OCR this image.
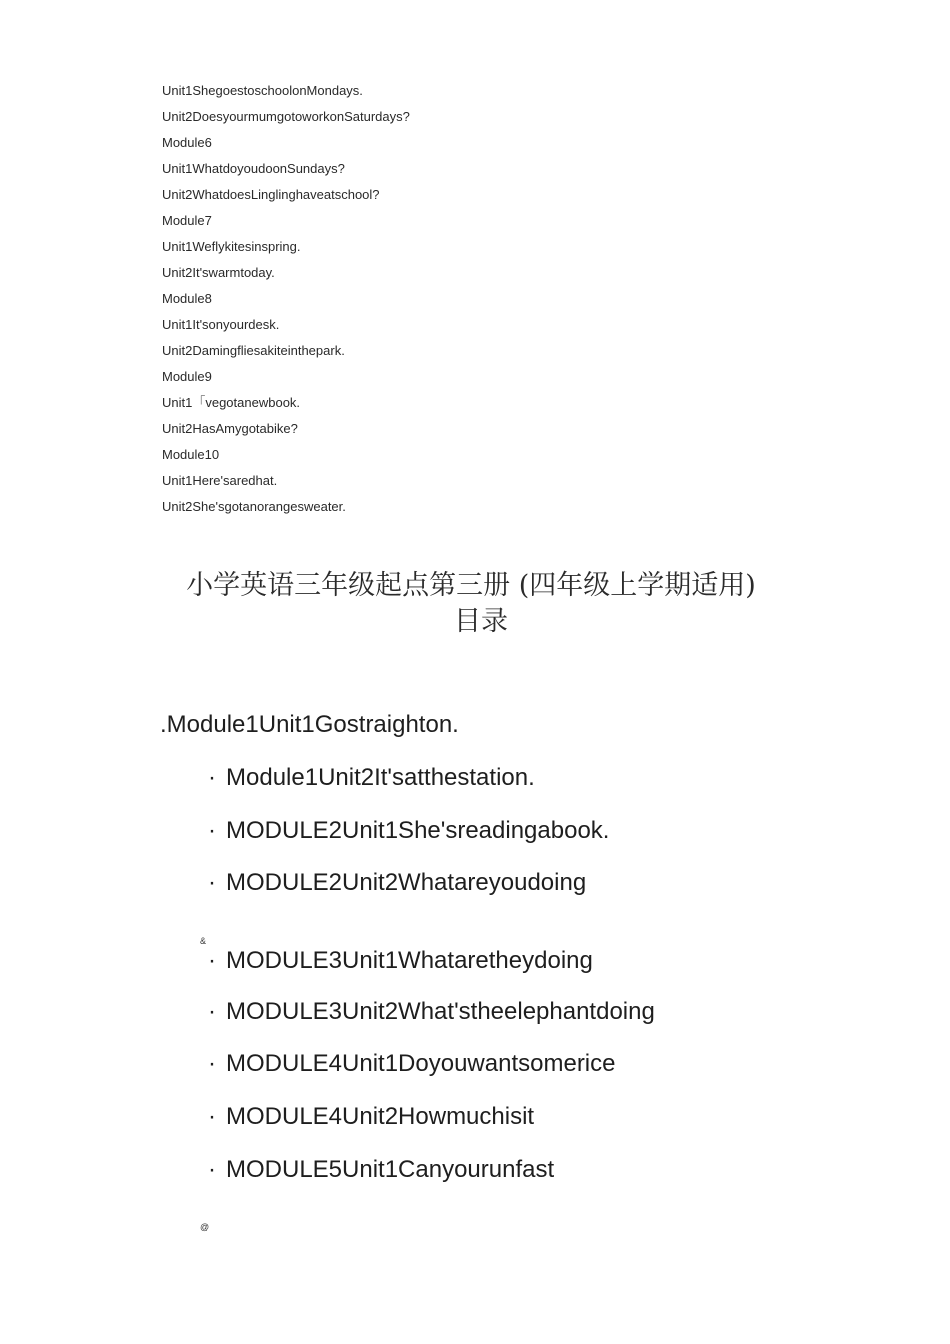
Unit1ShegoestoschoolonMondays.
Unit2DoesyourmumgotoworkonSaturdays?
Module6
Unit1WhatdoyoudoonSundays?
Unit2WhatdoesLinglinghaveatschool?
Module7
Unit1Weflykitesinspring.
Unit2It'swarmtoday.
Module8
Unit1It'sonyourdesk.
Unit2Damingfliesakiteinthepark.
Module9
Unit1「vegotanewbook.
Unit2HasAmygotabike?
Module10
Unit1Here'saredhat.
Unit2She'sgotanorangesweater.
小学英语三年级起点第三册 (四年级上学期适用)
目录
.Module1Unit1Gostraighton.
· Module1Unit2It'satthestation.
· MODULE2Unit1She'sreadingabook.
· MODULE2Unit2Whatareyoudoing
&
· MODULE3Unit1Whataretheydoing
· MODULE3Unit2What'stheelephantdoing
· MODULE4Unit1Doyouwantsomerice
· MODULE4Unit2Howmuchisit
· MODULE5Unit1Canyourunfast
@
